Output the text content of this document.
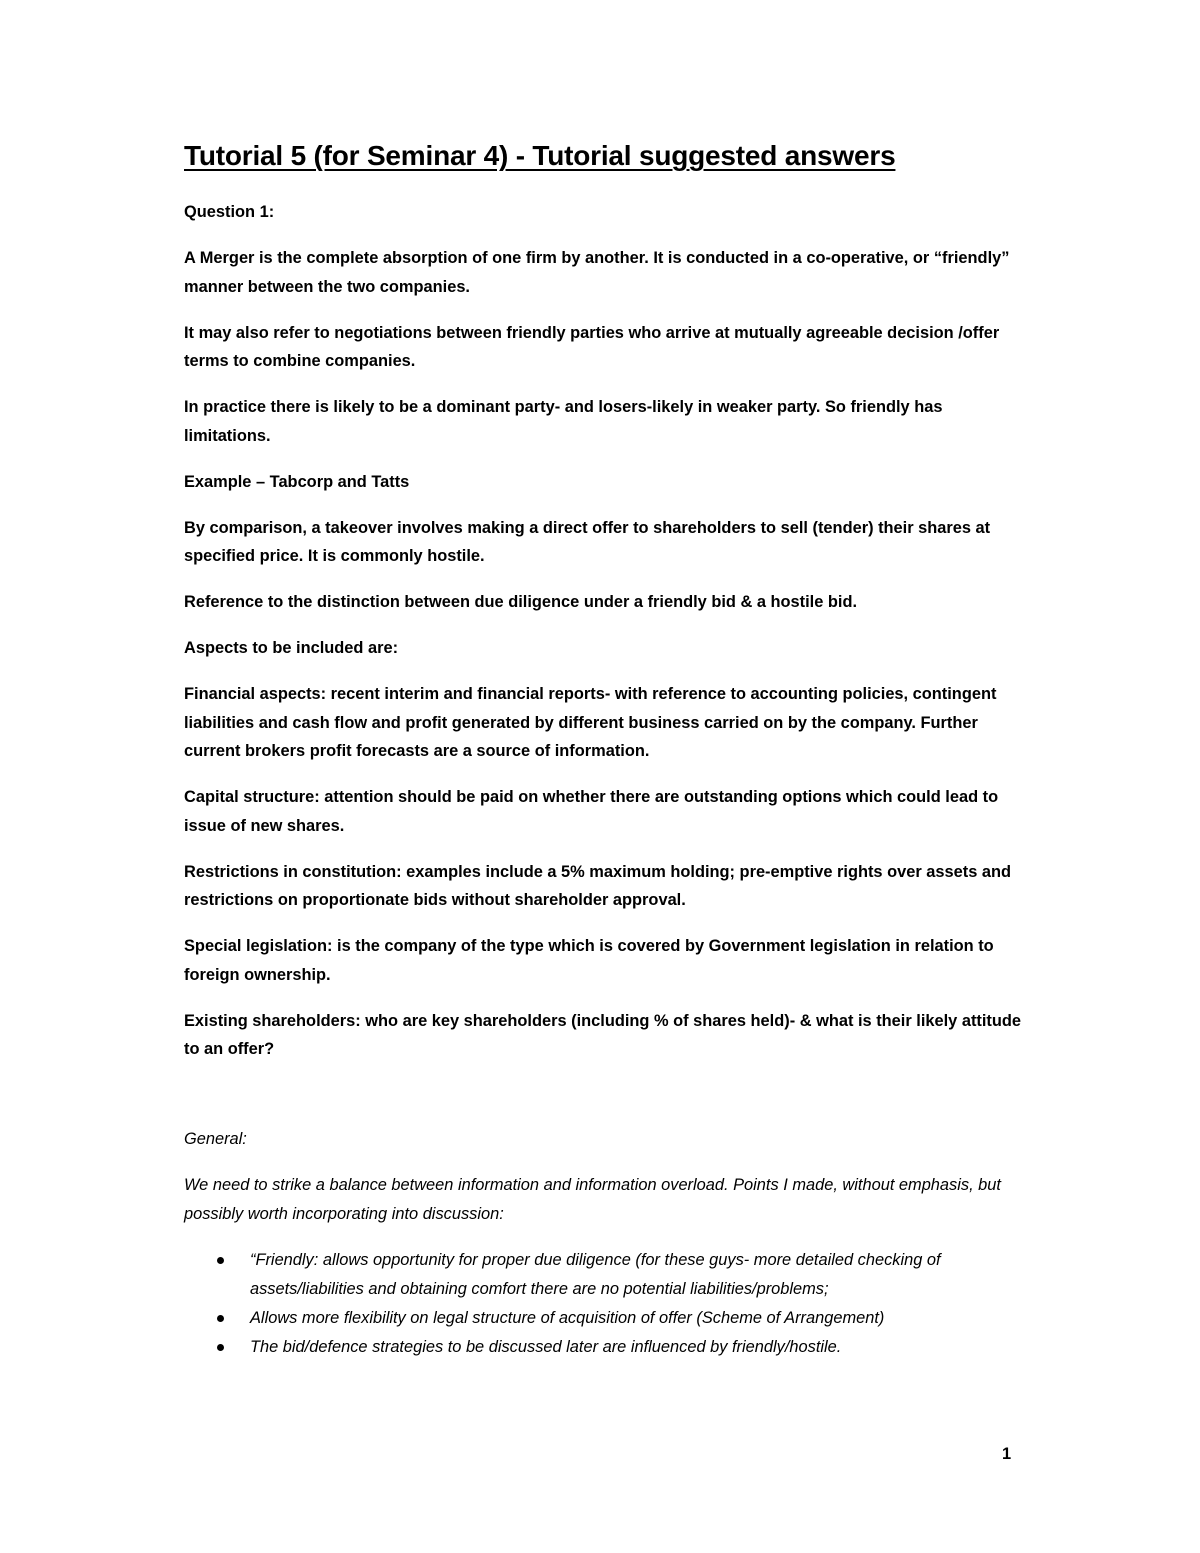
Tutorial 5 (for Seminar 4) - Tutorial suggested answers

Question 1:

A Merger is the complete absorption of one firm by another. It is conducted in a co-operative, or “friendly” manner between the two companies.

It may also refer to negotiations between friendly parties who arrive at mutually agreeable decision /offer terms to combine companies.

In practice there is likely to be a dominant party- and losers-likely in weaker party. So friendly has limitations.

Example – Tabcorp and Tatts

By comparison, a takeover involves making a direct offer to shareholders to sell (tender) their shares at specified price. It is commonly hostile.

Reference to the distinction between due diligence under a friendly bid & a hostile bid.

Aspects to be included are:

Financial aspects: recent interim and financial reports- with reference to accounting policies, contingent liabilities and cash flow and profit generated by different business carried on by the company. Further current brokers profit forecasts are a source of information.

Capital structure: attention should be paid on whether there are outstanding options which could lead to issue of new shares.

Restrictions in constitution: examples include a 5% maximum holding; pre-emptive rights over assets and restrictions on proportionate bids without shareholder approval.

Special legislation: is the company of the type which is covered by Government legislation in relation to foreign ownership.

Existing shareholders: who are key shareholders (including % of shares held)- & what is their likely attitude to an offer?

General:

We need to strike a balance between information and information overload. Points I made, without emphasis, but possibly worth incorporating into discussion:

“Friendly: allows opportunity for proper due diligence (for these guys- more detailed checking of assets/liabilities and obtaining comfort there are no potential liabilities/problems;
Allows more flexibility on legal structure of acquisition of offer (Scheme of Arrangement)
The bid/defence strategies to be discussed later are influenced by friendly/hostile.
1
